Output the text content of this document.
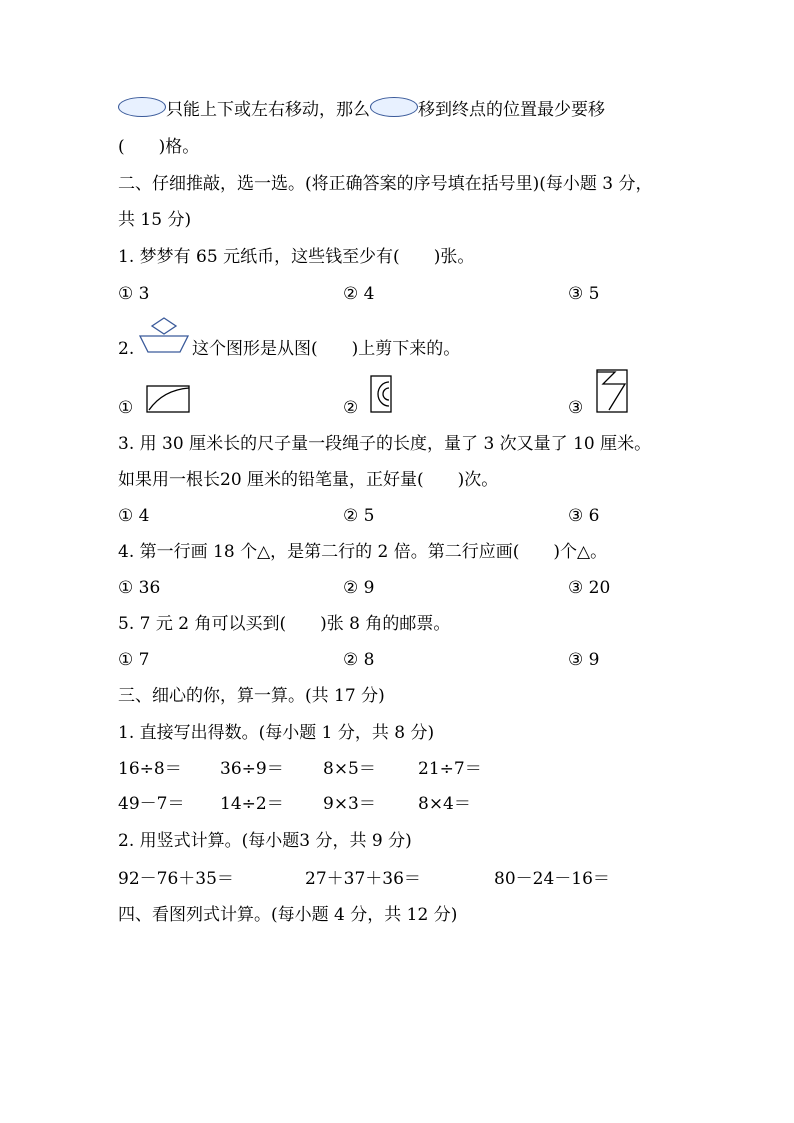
只能上下或左右移动，那么	移到终点的位置最少要移
(　　)格。
二、仔细推敲，选一选。(将正确答案的序号填在括号里)(每小题 3 分，
共 15 分)
1. 梦梦有 65 元纸币，这些钱至少有(　　)张。
① 3	② 4	③ 5
2.	这个图形是从图(　　)上剪下来的。
①	②	③
3. 用 30 厘米长的尺子量一段绳子的长度，量了 3 次又量了 10 厘米。
如果用一根长20 厘米的铅笔量，正好量(　　)次。
① 4	② 5	③ 6
4. 第一行画 18 个△，是第二行的 2 倍。第二行应画(　　)个△。
① 36	② 9	③ 20
5. 7 元 2 角可以买到(　　)张 8 角的邮票。
① 7	② 8	③ 9
三、细心的你，算一算。(共 17 分)
1. 直接写出得数。(每小题 1 分，共 8 分)
16÷8＝ 36÷9＝ 8×5＝ 21÷7＝
49－7＝ 14÷2＝ 9×3＝ 8×4＝
2. 用竖式计算。(每小题3 分，共 9 分)
92－76＋35＝	27＋37＋36＝	80－24－16＝
四、看图列式计算。(每小题 4 分，共 12 分)
